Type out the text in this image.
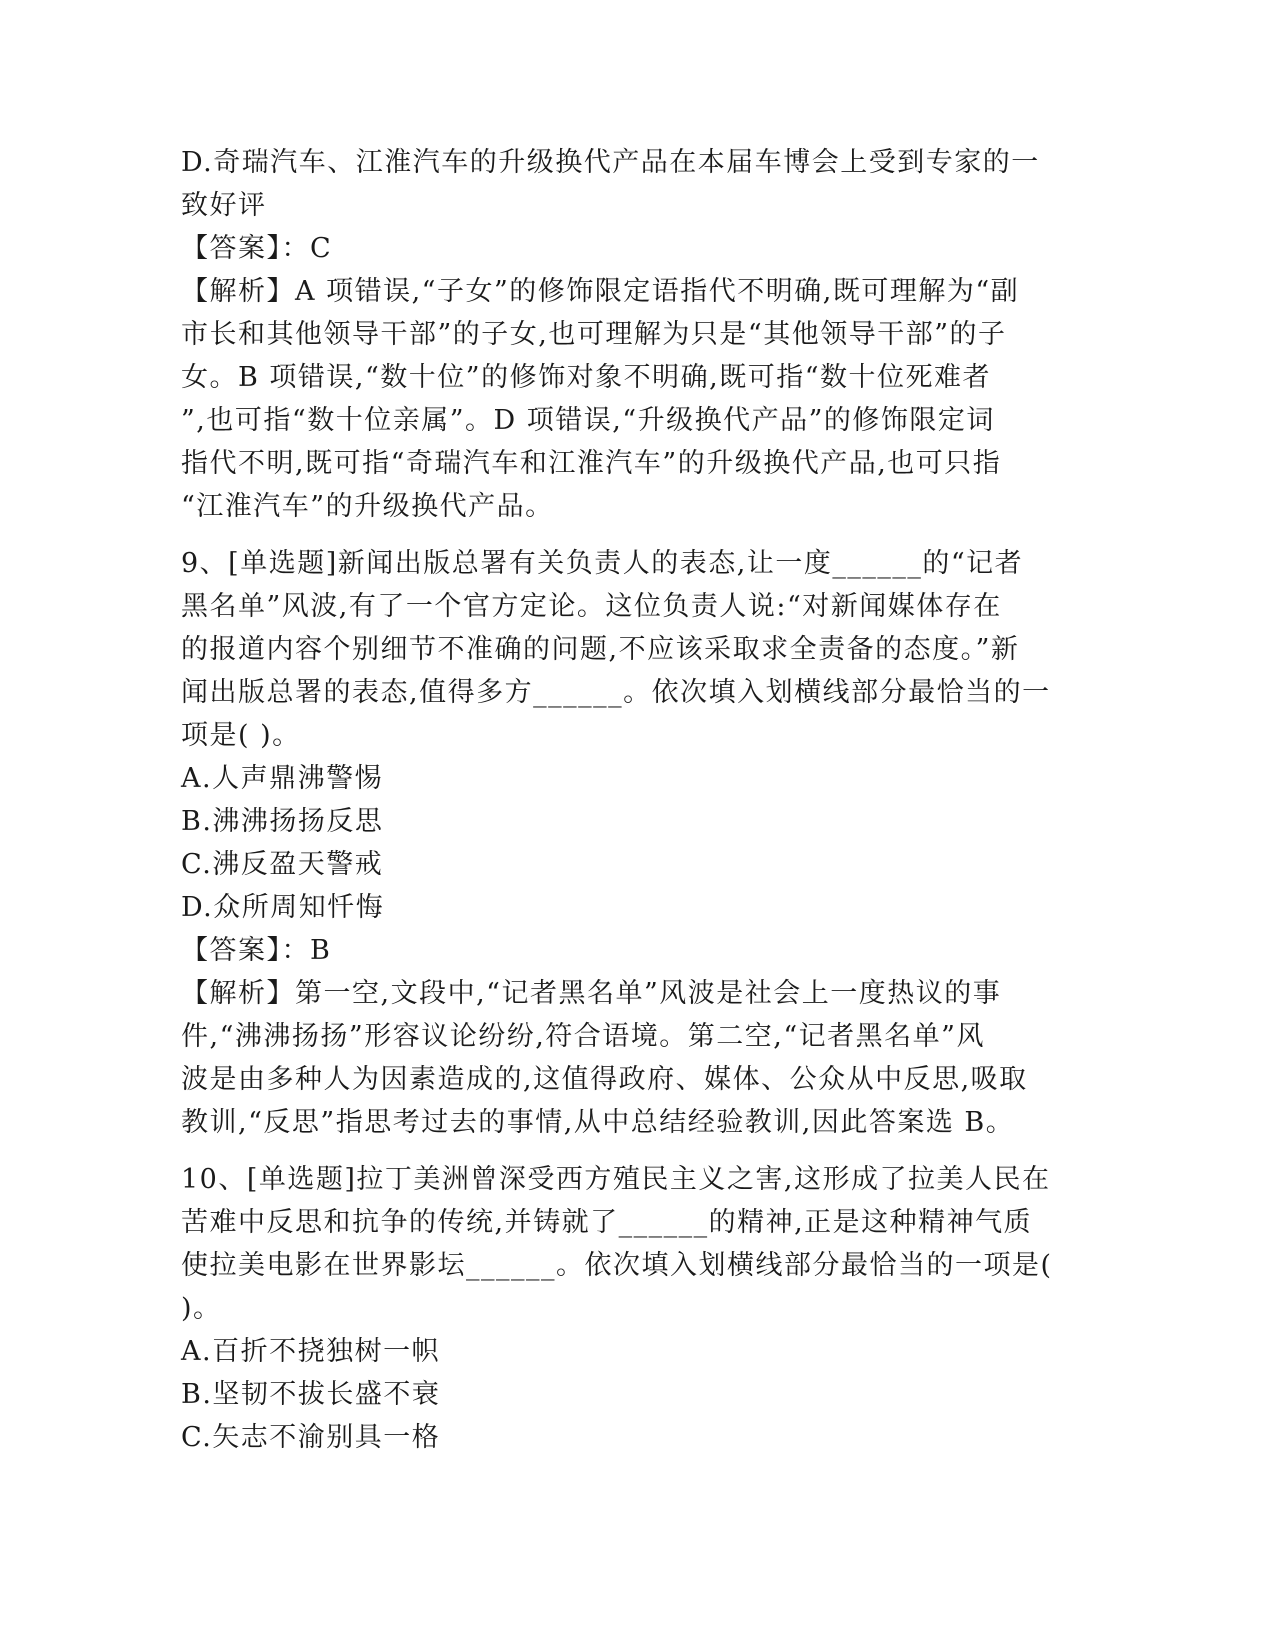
D.奇瑞汽车、江淮汽车的升级换代产品在本届车博会上受到专家的一
致好评
【答案】：C
【解析】A 项错误,“子女”的修饰限定语指代不明确,既可理解为“副
市长和其他领导干部”的子女,也可理解为只是“其他领导干部”的子
女。B 项错误,“数十位”的修饰对象不明确,既可指“数十位死难者
”,也可指“数十位亲属”。D 项错误,“升级换代产品”的修饰限定词
指代不明,既可指“奇瑞汽车和江淮汽车”的升级换代产品,也可只指
“江淮汽车”的升级换代产品。
9、[单选题]新闻出版总署有关负责人的表态,让一度______的“记者
黑名单”风波,有了一个官方定论。这位负责人说:“对新闻媒体存在
的报道内容个别细节不准确的问题,不应该采取求全责备的态度。”新
闻出版总署的表态,值得多方______。依次填入划横线部分最恰当的一
项是( )。
A.人声鼎沸警惕
B.沸沸扬扬反思
C.沸反盈天警戒
D.众所周知忏悔
【答案】：B
【解析】第一空,文段中,“记者黑名单”风波是社会上一度热议的事
件,“沸沸扬扬”形容议论纷纷,符合语境。第二空,“记者黑名单”风
波是由多种人为因素造成的,这值得政府、媒体、公众从中反思,吸取
教训,“反思”指思考过去的事情,从中总结经验教训,因此答案选 B。
10、[单选题]拉丁美洲曾深受西方殖民主义之害,这形成了拉美人民在
苦难中反思和抗争的传统,并铸就了______的精神,正是这种精神气质
使拉美电影在世界影坛______。依次填入划横线部分最恰当的一项是(
)。
A.百折不挠独树一帜
B.坚韧不拔长盛不衰
C.矢志不渝别具一格
